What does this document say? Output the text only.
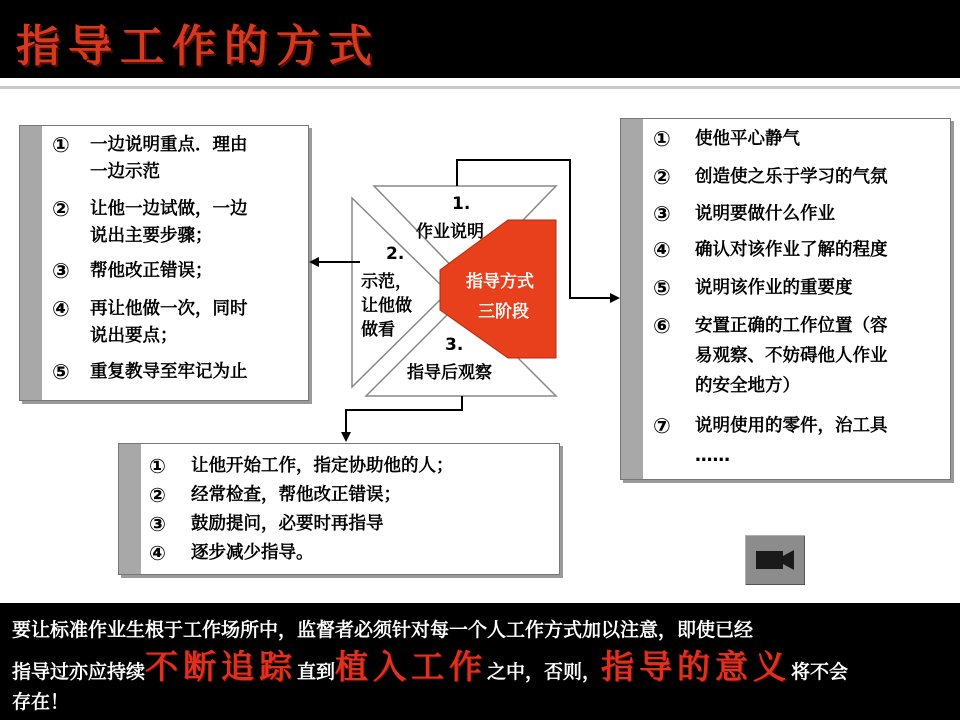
指导工作的方式
① 一边说明重点．理由
一边示范
② 让他一边试做，一边
说出主要步骤；
③ 帮他改正错误；
④ 再让他做一次，同时
说出要点；
⑤ 重复教导至牢记为止
① 使他平心静气
② 创造使之乐于学习的气氛
③ 说明要做什么作业
④ 确认对该作业了解的程度
⑤ 说明该作业的重要度
⑥ 安置正确的工作位置（容
易观察、不妨碍他人作业
的安全地方）
⑦ 说明使用的零件，治工具
……
① 让他开始工作，指定协助他的人；
② 经常检查，帮他改正错误；
③ 鼓励提问，必要时再指导
④ 逐步减少指导。
1.
作业说明
2.
示范，
让他做
做看
3.
指导后观察
指导方式
三阶段
要让标准作业生根于工作场所中，监督者必须针对每一个人工作方式加以注意，即使已经
指导过亦应持续不断追踪直到植入工作之中，否则，指导的意义将不会
存在！
